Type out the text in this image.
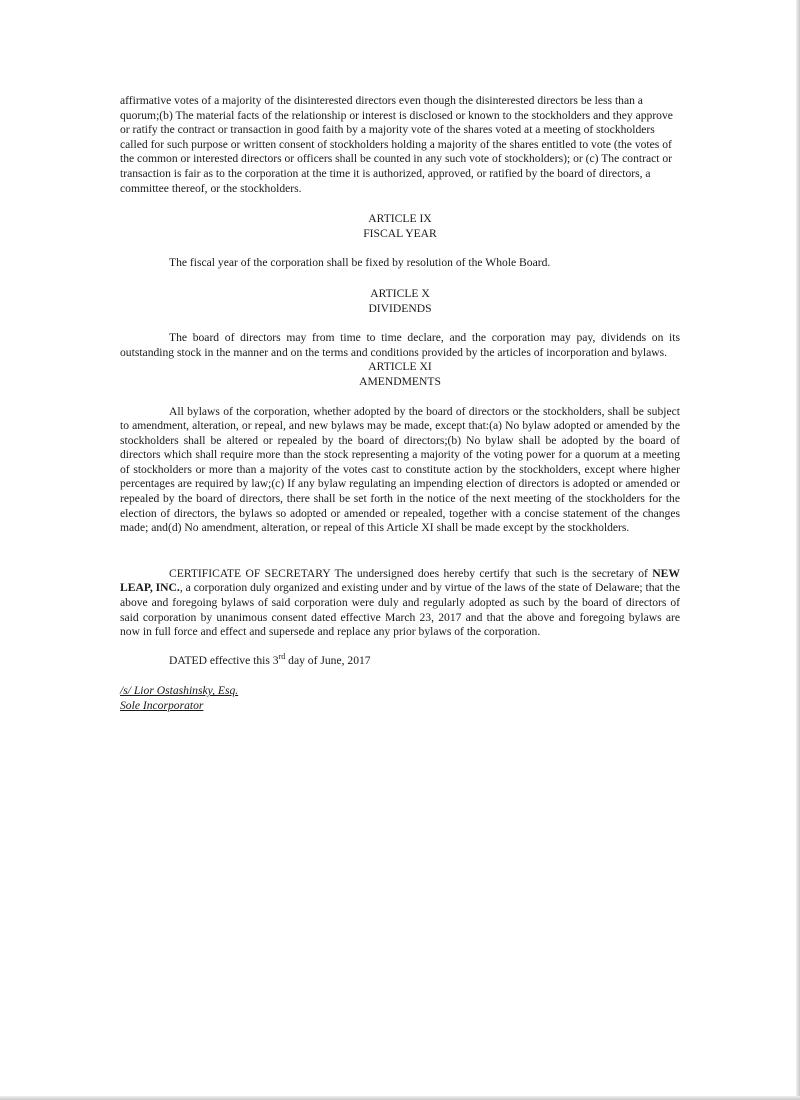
affirmative votes of a majority of the disinterested directors even though the disinterested directors be less than a quorum;(b) The material facts of the relationship or interest is disclosed or known to the stockholders and they approve or ratify the contract or transaction in good faith by a majority vote of the shares voted at a meeting of stockholders called for such purpose or written consent of stockholders holding a majority of the shares entitled to vote (the votes of the common or interested directors or officers shall be counted in any such vote of stockholders); or (c) The contract or transaction is fair as to the corporation at the time it is authorized, approved, or ratified by the board of directors, a committee thereof, or the stockholders.

ARTICLE IX
FISCAL YEAR

The fiscal year of the corporation shall be fixed by resolution of the Whole Board.

ARTICLE X
DIVIDENDS

The board of directors may from time to time declare, and the corporation may pay, dividends on its outstanding stock in the manner and on the terms and conditions provided by the articles of incorporation and bylaws.

ARTICLE XI
AMENDMENTS

All bylaws of the corporation, whether adopted by the board of directors or the stockholders, shall be subject to amendment, alteration, or repeal, and new bylaws may be made, except that:(a) No bylaw adopted or amended by the stockholders shall be altered or repealed by the board of directors;(b) No bylaw shall be adopted by the board of directors which shall require more than the stock representing a majority of the voting power for a quorum at a meeting of stockholders or more than a majority of the votes cast to constitute action by the stockholders, except where higher percentages are required by law;(c) If any bylaw regulating an impending election of directors is adopted or amended or repealed by the board of directors, there shall be set forth in the notice of the next meeting of the stockholders for the election of directors, the bylaws so adopted or amended or repealed, together with a concise statement of the changes made; and(d) No amendment, alteration, or repeal of this Article XI shall be made except by the stockholders.

CERTIFICATE OF SECRETARY The undersigned does hereby certify that such is the secretary of NEW LEAP, INC., a corporation duly organized and existing under and by virtue of the laws of the state of Delaware; that the above and foregoing bylaws of said corporation were duly and regularly adopted as such by the board of directors of said corporation by unanimous consent dated effective March 23, 2017 and that the above and foregoing bylaws are now in full force and effect and supersede and replace any prior bylaws of the corporation.

DATED effective this 3rd day of June, 2017

/s/ Lior Ostashinsky, Esq.
Sole Incorporator
